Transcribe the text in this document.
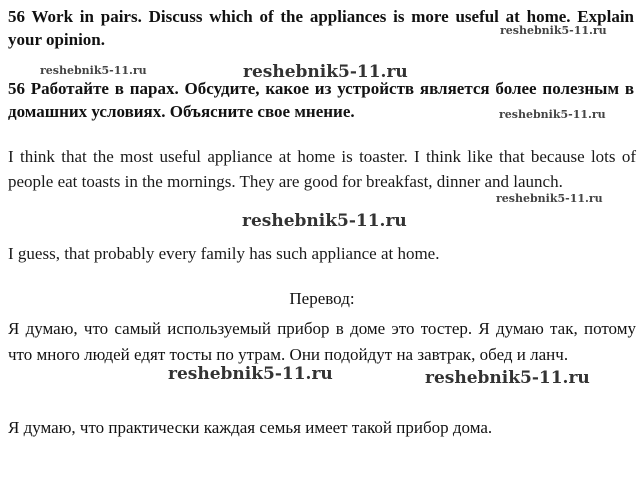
56 Work in pairs. Discuss which of the appliances is more useful at home. Explain your opinion.

56 Работайте в парах. Обсудите, какое из устройств является более полезным в домашних условиях. Объясните свое мнение.

I think that the most useful appliance at home is toaster. I think like that because lots of people eat toasts in the mornings. They are good for breakfast, dinner and launch.

I guess, that probably every family has such appliance at home.

Перевод:

Я думаю, что самый используемый прибор в доме это тостер. Я думаю так, потому что много людей едят тосты по утрам. Они подойдут на завтрак, обед и ланч.

Я думаю, что практически каждая семья имеет такой прибор дома.

reshebnik5-11.ru
reshebnik5-11.ru	reshebnik5-11.ru
reshebnik5-11.ru
reshebnik5-11.ru
reshebnik5-11.ru
reshebnik5-11.ru	reshebnik5-11.ru
